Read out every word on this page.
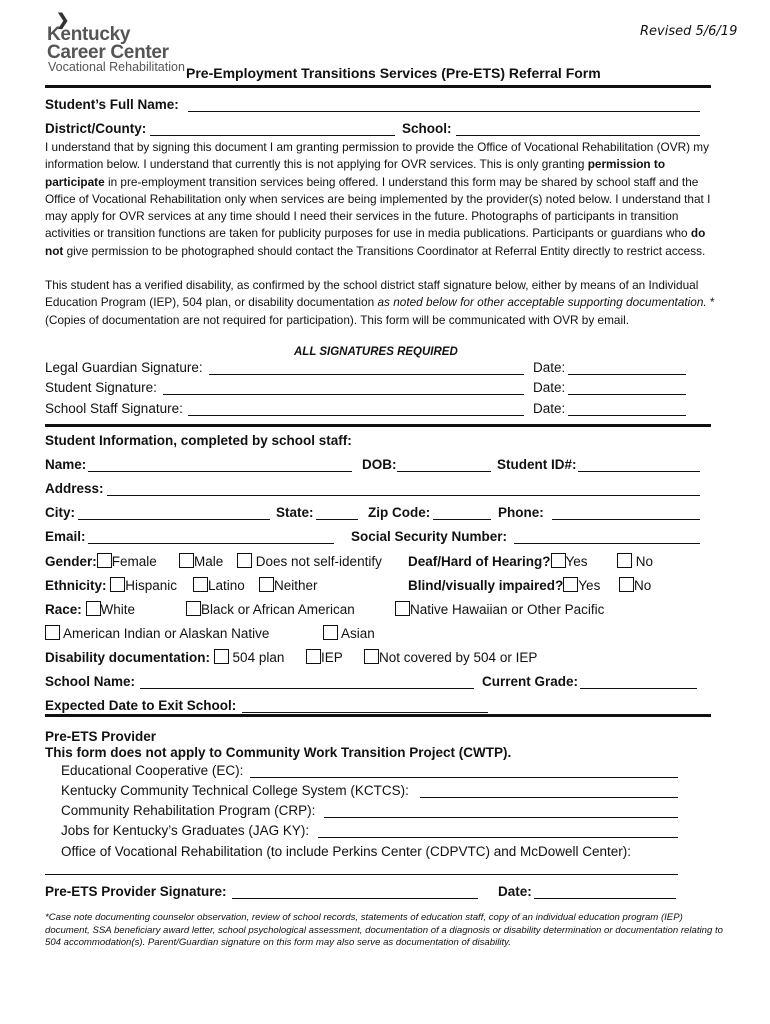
❯
Kentucky
Career Center
Vocational Rehabilitation
Revised 5/6/19
Pre-Employment Transitions Services (Pre-ETS) Referral Form
Student’s Full Name:
District/County:	School:
I understand that by signing this document I am granting permission to provide the Office of Vocational Rehabilitation (OVR) my information below. I understand that currently this is not applying for OVR services. This is only granting permission to participate in pre-employment transition services being offered. I understand this form may be shared by school staff and the Office of Vocational Rehabilitation only when services are being implemented by the provider(s) noted below. I understand that I may apply for OVR services at any time should I need their services in the future. Photographs of participants in transition activities or transition functions are taken for publicity purposes for use in media publications. Participants or guardians who do not give permission to be photographed should contact the Transitions Coordinator at Referral Entity directly to restrict access.
This student has a verified disability, as confirmed by the school district staff signature below, either by means of an Individual Education Program (IEP), 504 plan, or disability documentation as noted below for other acceptable supporting documentation. *(Copies of documentation are not required for participation). This form will be communicated with OVR by email.
ALL SIGNATURES REQUIRED
Legal Guardian Signature:	Date:
Student Signature:	Date:
School Staff Signature:	Date:
Student Information, completed by school staff:
Name:	DOB:	Student ID#:
Address:
City:	State:	Zip Code:	Phone:
Email:	Social Security Number:
Gender: Female	Male	Does not self-identify Deaf/Hard of Hearing? Yes	No
Ethnicity: Hispanic	Latino	Neither	Blind/visually impaired? Yes	No
Race: White	Black or African American	Native Hawaiian or Other Pacific
American Indian or Alaskan Native	Asian
Disability documentation: 504 plan	IEP	Not covered by 504 or IEP
School Name:	Current Grade:
Expected Date to Exit School:
Pre-ETS Provider
This form does not apply to Community Work Transition Project (CWTP).
Educational Cooperative (EC):
Kentucky Community Technical College System (KCTCS):
Community Rehabilitation Program (CRP):
Jobs for Kentucky’s Graduates (JAG KY):
Office of Vocational Rehabilitation (to include Perkins Center (CDPVTC) and McDowell Center):
Pre-ETS Provider Signature:	Date:
*Case note documenting counselor observation, review of school records, statements of education staff, copy of an individual education program (IEP) document, SSA beneficiary award letter, school psychological assessment, documentation of a diagnosis or disability determination or documentation relating to 504 accommodation(s). Parent/Guardian signature on this form may also serve as documentation of disability.
